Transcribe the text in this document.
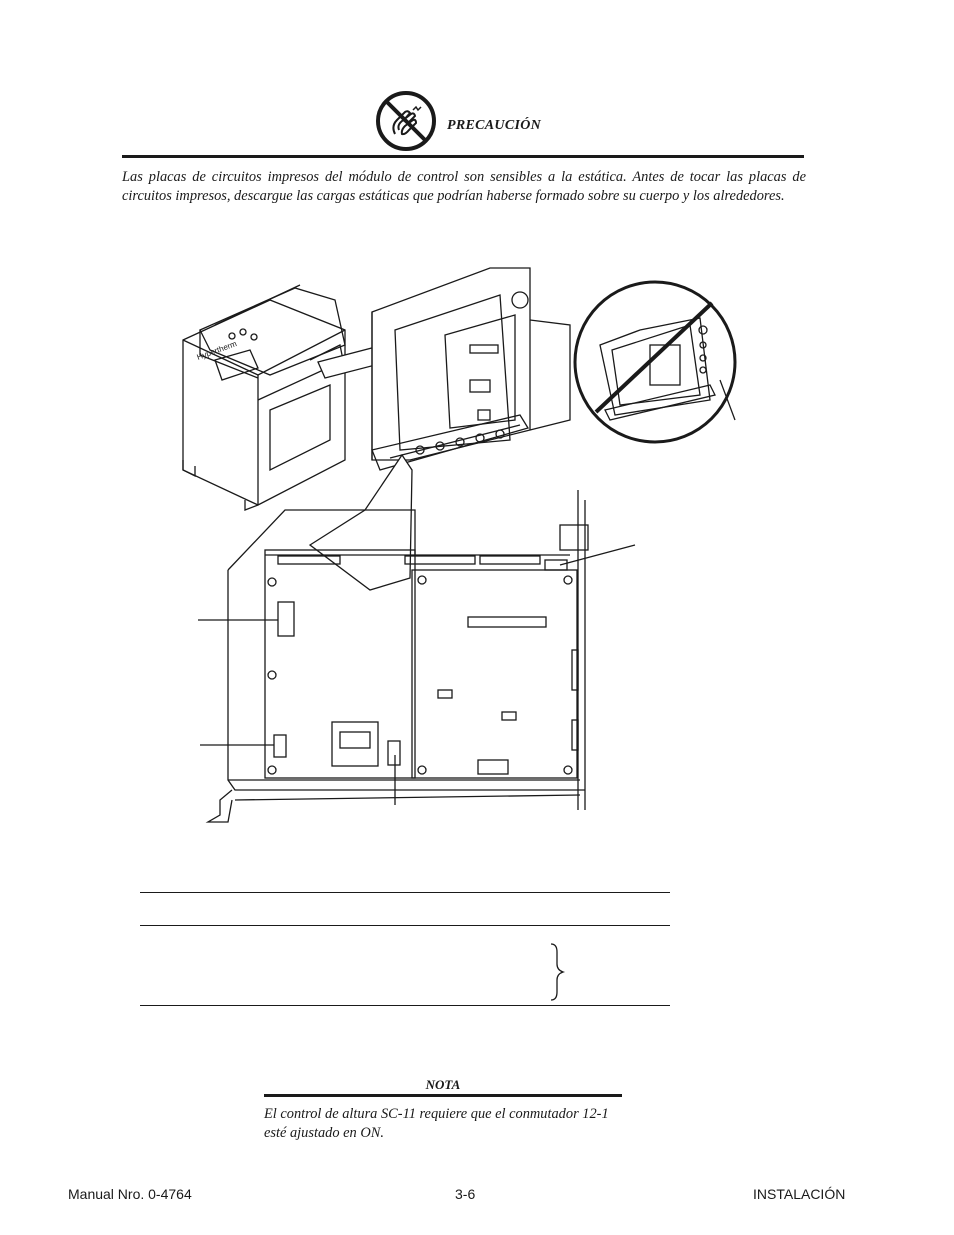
PRECAUCIÓN
Las placas de circuitos impresos del módulo de control son sensibles a la estática. Antes de tocar las placas de circuitos impresos, descargue las cargas estáticas que podrían haberse formado sobre su cuerpo y los alrededores.
Hypertherm
NOTA
El control de altura SC-11 requiere que el conmutador 12-1 esté ajustado en ON.
Manual Nro. 0-4764	3-6	INSTALACIÓN
